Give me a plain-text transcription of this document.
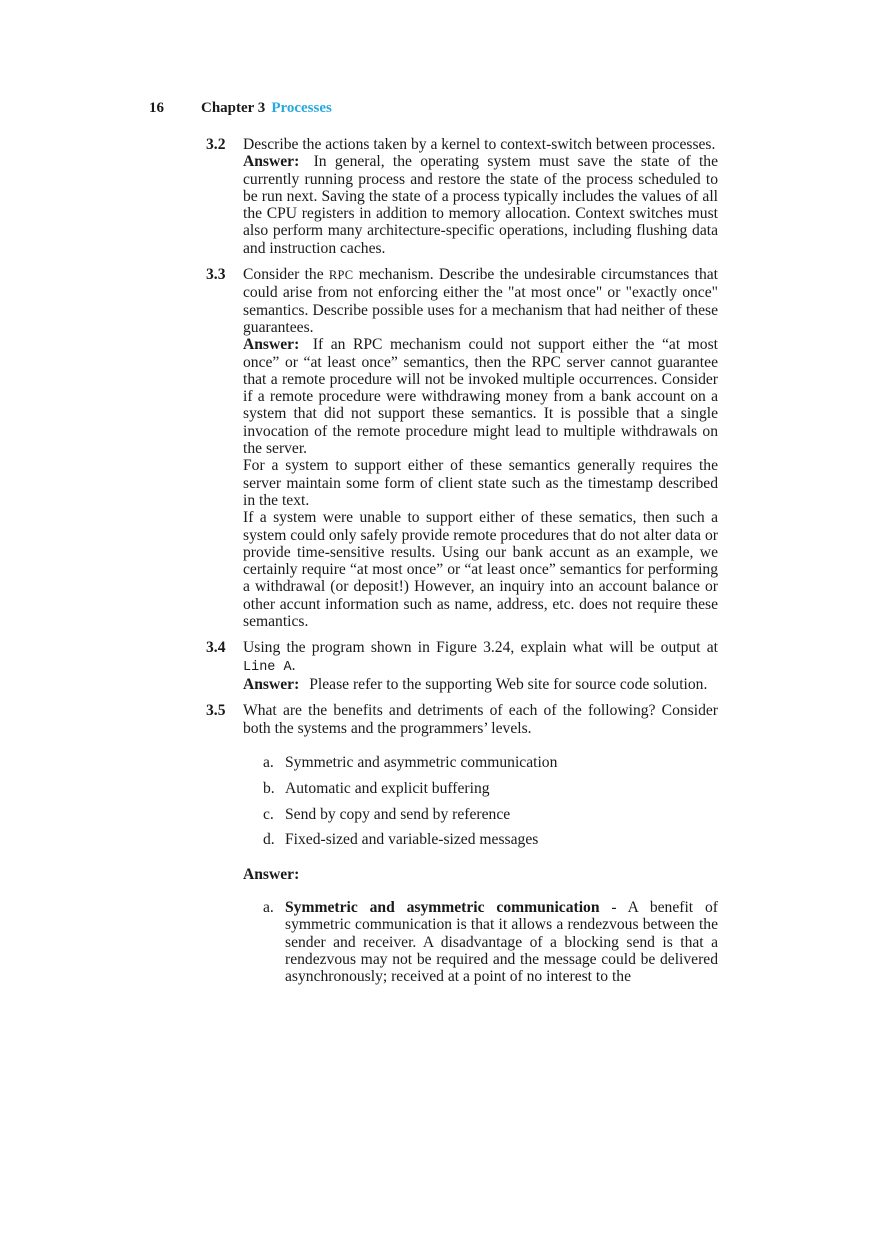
16 Chapter 3 Processes
3.2 Describe the actions taken by a kernel to context-switch between processes.

Answer: In general, the operating system must save the state of the currently running process and restore the state of the process scheduled to be run next. Saving the state of a process typically includes the values of all the CPU registers in addition to memory allocation. Context switches must also perform many architecture-specific operations, including flushing data and instruction caches.

3.3 Consider the RPC mechanism. Describe the undesirable circumstances that could arise from not enforcing either the "at most once" or "exactly once" semantics. Describe possible uses for a mechanism that had neither of these guarantees.

Answer: If an RPC mechanism could not support either the “at most once” or “at least once” semantics, then the RPC server cannot guarantee that a remote procedure will not be invoked multiple occurrences. Consider if a remote procedure were withdrawing money from a bank account on a system that did not support these semantics. It is possible that a single invocation of the remote procedure might lead to multiple withdrawals on the server.

For a system to support either of these semantics generally requires the server maintain some form of client state such as the timestamp described in the text.

If a system were unable to support either of these sematics, then such a system could only safely provide remote procedures that do not alter data or provide time-sensitive results. Using our bank accunt as an example, we certainly require “at most once” or “at least once” semantics for performing a withdrawal (or deposit!) However, an inquiry into an account balance or other accunt information such as name, address, etc. does not require these semantics.

3.4 Using the program shown in Figure 3.24, explain what will be output at Line A.

Answer: Please refer to the supporting Web site for source code solution.

3.5 What are the benefits and detriments of each of the following? Consider both the systems and the programmers’ levels.

a. Symmetric and asymmetric communication
b. Automatic and explicit buffering
c. Send by copy and send by reference
d. Fixed-sized and variable-sized messages

Answer:

a. Symmetric and asymmetric communication - A benefit of symmetric communication is that it allows a rendezvous between the sender and receiver. A disadvantage of a blocking send is that a rendezvous may not be required and the message could be delivered asynchronously; received at a point of no interest to the
